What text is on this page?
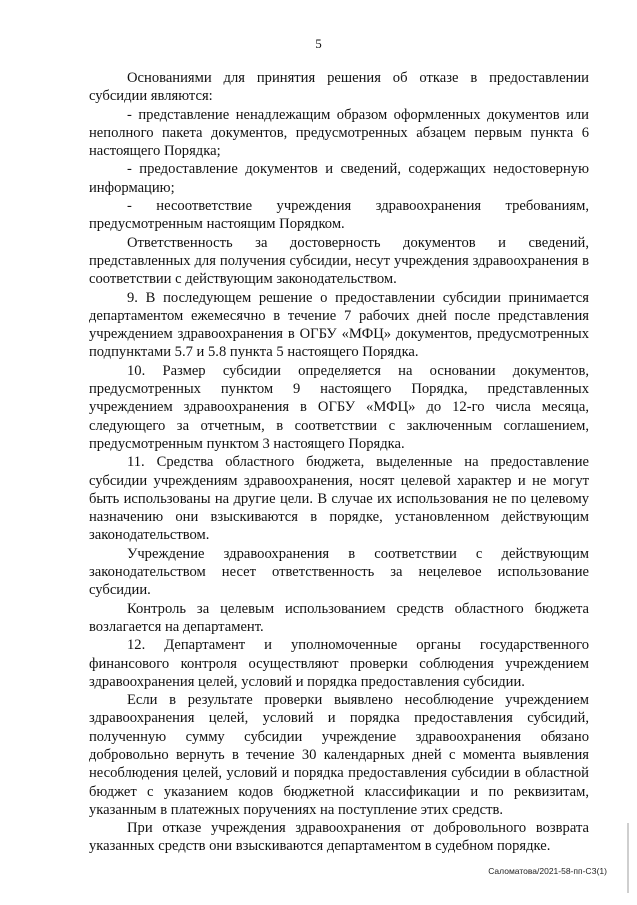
5

Основаниями для принятия решения об отказе в предоставлении субсидии являются:

- представление ненадлежащим образом оформленных документов или неполного пакета документов, предусмотренных абзацем первым пункта 6 настоящего Порядка;

- предоставление документов и сведений, содержащих недостоверную информацию;

- несоответствие учреждения здравоохранения требованиям, предусмотренным настоящим Порядком.

Ответственность за достоверность документов и сведений, представленных для получения субсидии, несут учреждения здравоохранения в соответствии с действующим законодательством.

9. В последующем решение о предоставлении субсидии принимается департаментом ежемесячно в течение 7 рабочих дней после представления учреждением здравоохранения в ОГБУ «МФЦ» документов, предусмотренных подпунктами 5.7 и 5.8 пункта 5 настоящего Порядка.

10. Размер субсидии определяется на основании документов, предусмотренных пунктом 9 настоящего Порядка, представленных учреждением здравоохранения в ОГБУ «МФЦ» до 12-го числа месяца, следующего за отчетным, в соответствии с заключенным соглашением, предусмотренным пунктом 3 настоящего Порядка.

11. Средства областного бюджета, выделенные на предоставление субсидии учреждениям здравоохранения, носят целевой характер и не могут быть использованы на другие цели. В случае их использования не по целевому назначению они взыскиваются в порядке, установленном действующим законодательством.

Учреждение здравоохранения в соответствии с действующим законодательством несет ответственность за нецелевое использование субсидии.

Контроль за целевым использованием средств областного бюджета возлагается на департамент.

12. Департамент и уполномоченные органы государственного финансового контроля осуществляют проверки соблюдения учреждением здравоохранения целей, условий и порядка предоставления субсидии.

Если в результате проверки выявлено несоблюдение учреждением здравоохранения целей, условий и порядка предоставления субсидий, полученную сумму субсидии учреждение здравоохранения обязано добровольно вернуть в течение 30 календарных дней с момента выявления несоблюдения целей, условий и порядка предоставления субсидии в областной бюджет с указанием кодов бюджетной классификации и по реквизитам, указанным в платежных поручениях на поступление этих средств.

При отказе учреждения здравоохранения от добровольного возврата указанных средств они взыскиваются департаментом в судебном порядке.

Саломатова/2021-58-пп-СЗ(1)
